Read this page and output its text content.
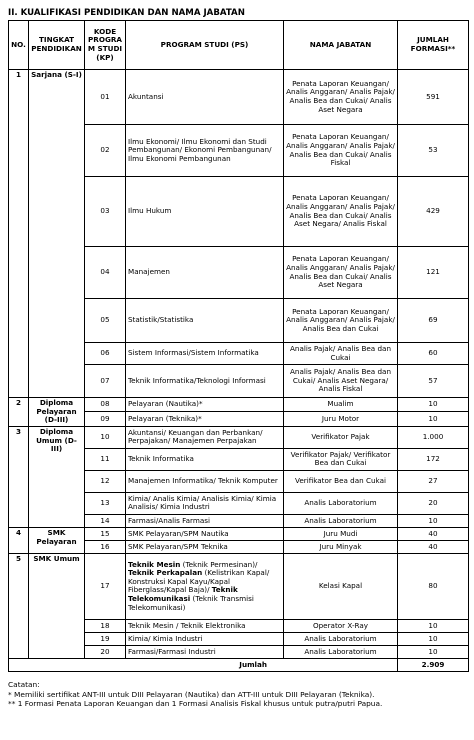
II. KUALIFIKASI PENDIDIKAN DAN NAMA JABATAN
NO.	TINGKAT PENDIDIKAN	KODE PROGRAM STUDI (KP)	PROGRAM STUDI (PS)	NAMA JABATAN	JUMLAH FORMASI**
1	Sarjana (S-I)	01	Akuntansi	Penata Laporan Keuangan/ Analis Anggaran/ Analis Pajak/ Analis Bea dan Cukai/ Analis Aset Negara	591
		02	Ilmu Ekonomi/ Ilmu Ekonomi dan Studi Pembangunan/ Ekonomi Pembangunan/ Ilmu Ekonomi Pembangunan	Penata Laporan Keuangan/ Analis Anggaran/ Analis Pajak/ Analis Bea dan Cukai/ Analis Fiskal	53
		03	Ilmu Hukum	Penata Laporan Keuangan/ Analis Anggaran/ Analis Pajak/ Analis Bea dan Cukai/ Analis Aset Negara/ Analis Fiskal	429
		04	Manajemen	Penata Laporan Keuangan/ Analis Anggaran/ Analis Pajak/ Analis Bea dan Cukai/ Analis Aset Negara	121
		05	Statistik/Statistika	Penata Laporan Keuangan/ Analis Anggaran/ Analis Pajak/ Analis Bea dan Cukai	69
		06	Sistem Informasi/Sistem Informatika	Analis Pajak/ Analis Bea dan Cukai	60
		07	Teknik Informatika/Teknologi Informasi	Analis Pajak/ Analis Bea dan Cukai/ Analis Aset Negara/ Analis Fiskal	57
2	Diploma Pelayaran (D-III)	08	Pelayaran (Nautika)*	Mualim	10
		09	Pelayaran (Teknika)*	Juru Motor	10
3	Diploma Umum (D-III)	10	Akuntansi/ Keuangan dan Perbankan/ Perpajakan/ Manajemen Perpajakan	Verifikator Pajak	1.000
		11	Teknik Informatika	Verifikator Pajak/ Verifikator Bea dan Cukai	172
		12	Manajemen Informatika/ Teknik Komputer	Verifikator Bea dan Cukai	27
		13	Kimia/ Analis Kimia/ Analisis Kimia/ Kimia Analisis/ Kimia Industri	Analis Laboratorium	20
		14	Farmasi/Analis Farmasi	Analis Laboratorium	10
4	SMK Pelayaran	15	SMK Pelayaran/SPM Nautika	Juru Mudi	40
		16	SMK Pelayaran/SPM Teknika	Juru Minyak	40
5	SMK Umum	17	Teknik Mesin (Teknik Permesinan)/ Teknik Perkapalan (Kelistrikan Kapal/ Konstruksi Kapal Kayu/Kapal Fiberglass/Kapal Baja)/ Teknik Telekomunikasi (Teknik Transmisi Telekomunikasi)	Kelasi Kapal	80
		18	Teknik Mesin / Teknik Elektronika	Operator X-Ray	10
		19	Kimia/ Kimia Industri	Analis Laboratorium	10
		20	Farmasi/Farmasi Industri	Analis Laboratorium	10
Jumlah					2.909
Catatan:
* Memiliki sertifikat ANT-III untuk DIII Pelayaran (Nautika) dan ATT-III untuk DIII Pelayaran (Teknika).
** 1 Formasi Penata Laporan Keuangan dan 1 Formasi Analisis Fiskal khusus untuk putra/putri Papua.
